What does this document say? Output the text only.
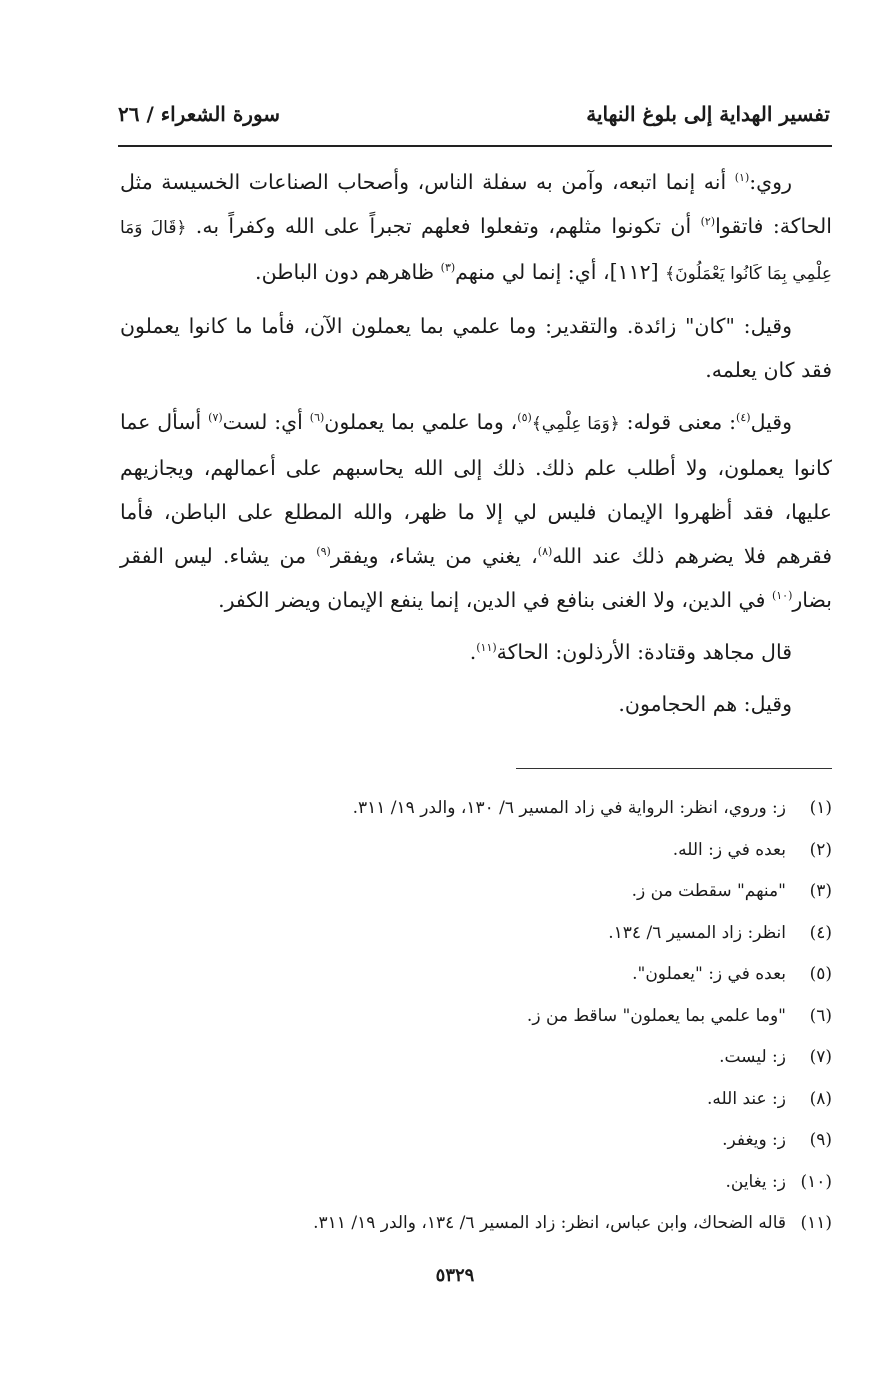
تفسير الهداية إلى بلوغ النهاية
سورة الشعراء / ٢٦

روي:$^{(١)}$ أنه إنما اتبعه، وآمن به سفلة الناس، وأصحاب الصناعات الخسيسة مثل الحاكة: فاتقوا$^{(٢)}$ أن تكونوا مثلهم، وتفعلوا فعلهم تجبراً على الله وكفراً به. ﴿قَالَ وَمَا عِلْمِي بِمَا كَانُوا يَعْمَلُونَ﴾ [١١٢]، أي: إنما لي منهم$^{(٣)}$ ظاهرهم دون الباطن.

وقيل: "كان" زائدة. والتقدير: وما علمي بما يعملون الآن، فأما ما كانوا يعملون فقد كان يعلمه.

وقيل$^{(٤)}$: معنى قوله: ﴿وَمَا عِلْمِي﴾$^{(٥)}$، وما علمي بما يعملون$^{(٦)}$ أي: لست$^{(٧)}$ أسأل عما كانوا يعملون، ولا أطلب علم ذلك. ذلك إلى الله يحاسبهم على أعمالهم، ويجازيهم عليها، فقد أظهروا الإيمان فليس لي إلا ما ظهر، والله المطلع على الباطن، فأما فقرهم فلا يضرهم ذلك عند الله$^{(٨)}$، يغني من يشاء، ويفقر$^{(٩)}$ من يشاء. ليس الفقر بضار$^{(١٠)}$ في الدين، ولا الغنى بنافع في الدين، إنما ينفع الإيمان ويضر الكفر.

قال مجاهد وقتادة: الأرذلون: الحاكة$^{(١١)}$.

وقيل: هم الحجامون.

(١)
ز: وروي، انظر: الرواية في زاد المسير ٦/ ١٣٠، والدر ١٩/ ٣١١.
(٢)
بعده في ز: الله.
(٣)
"منهم" سقطت من ز.
(٤)
انظر: زاد المسير ٦/ ١٣٤.
(٥)
بعده في ز: "يعملون".
(٦)
"وما علمي بما يعملون" ساقط من ز.
(٧)
ز: ليست.
(٨)
ز: عند الله.
(٩)
ز: ويغفر.
(١٠)
ز: يغاين.
(١١)
قاله الضحاك، وابن عباس، انظر: زاد المسير ٦/ ١٣٤، والدر ١٩/ ٣١١.
٥٣٢٩
